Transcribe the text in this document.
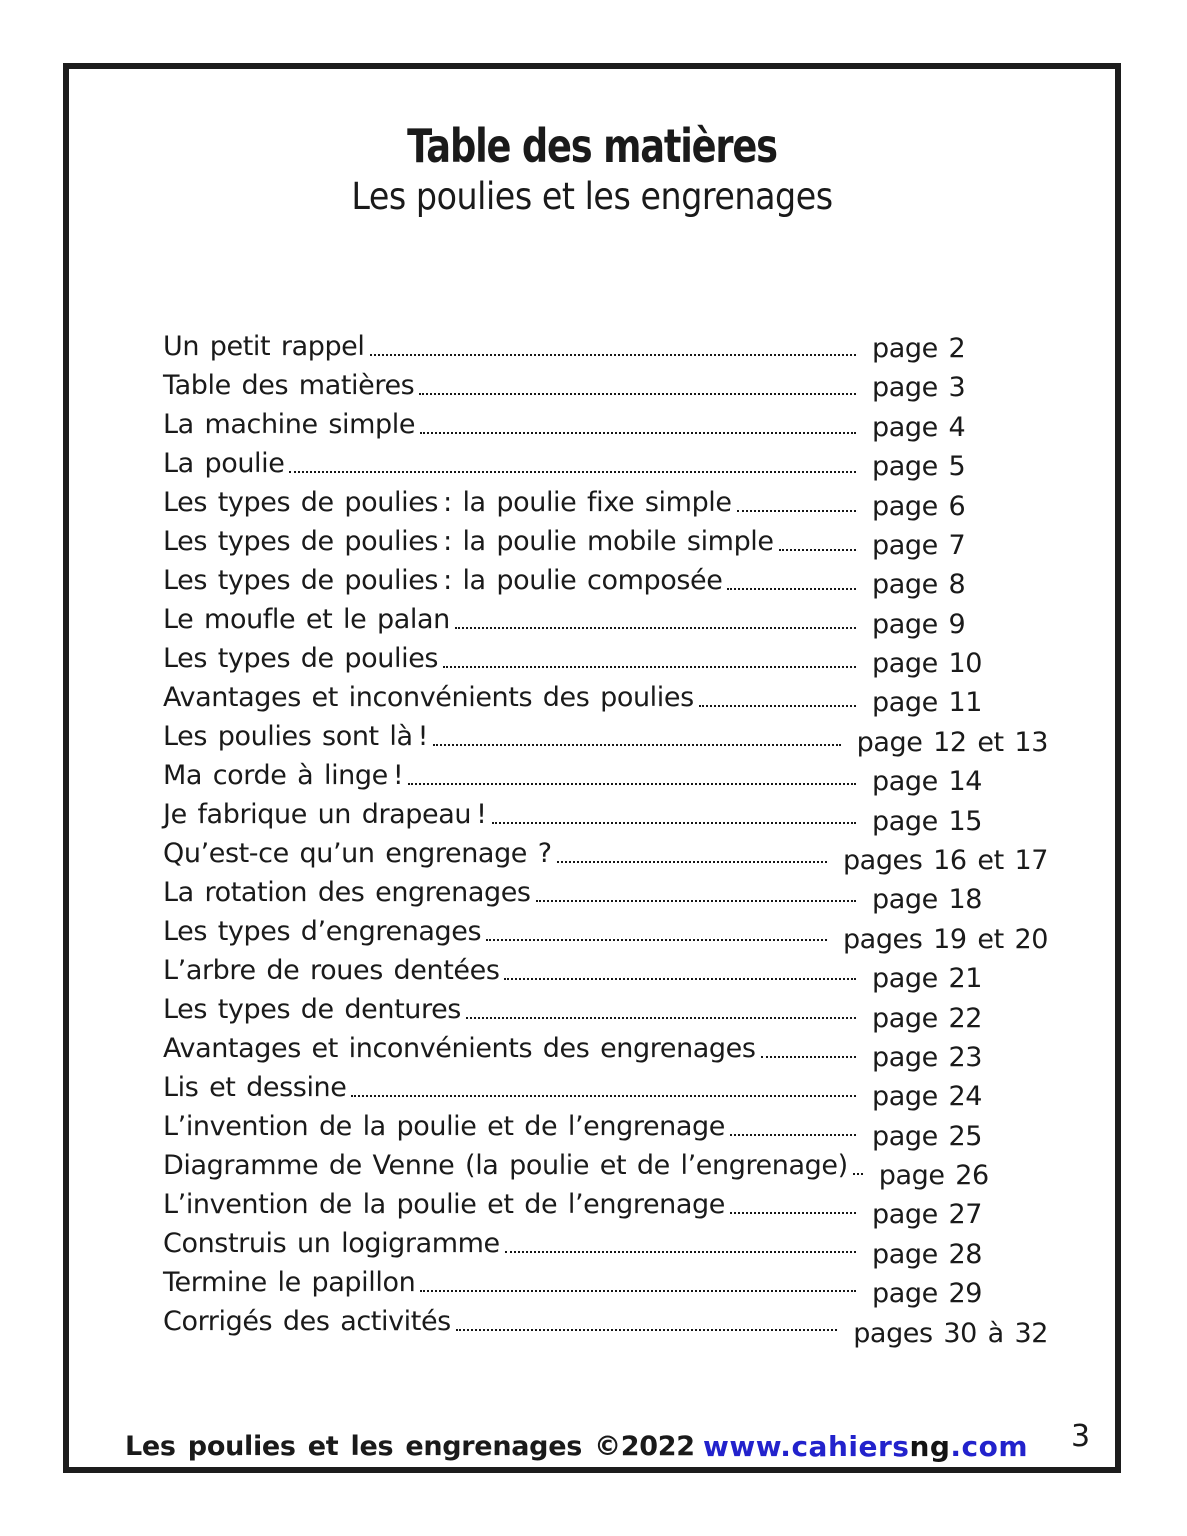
Table des matières
Les poulies et les engrenages
Un petit rappel	page 2
Table des matières	page 3
La machine simple	page 4
La poulie	page 5
Les types de poulies : la poulie fixe simple	page 6
Les types de poulies : la poulie mobile simple	page 7
Les types de poulies : la poulie composée	page 8
Le moufle et le palan	page 9
Les types de poulies	page 10
Avantages et inconvénients des poulies	page 11
Les poulies sont là !	page 12 et 13
Ma corde à linge !	page 14
Je fabrique un drapeau !	page 15
Qu’est-ce qu’un engrenage ?	pages 16 et 17
La rotation des engrenages	page 18
Les types d’engrenages	pages 19 et 20
L’arbre de roues dentées	page 21
Les types de dentures	page 22
Avantages et inconvénients des engrenages	page 23
Lis et dessine	page 24
L’invention de la poulie et de l’engrenage	page 25
Diagramme de Venne (la poulie et de l’engrenage)	page 26
L’invention de la poulie et de l’engrenage	page 27
Construis un logigramme	page 28
Termine le papillon	page 29
Corrigés des activités	pages 30 à 32
Les poulies et les engrenages ©2022 www.cahiersng.com 3
